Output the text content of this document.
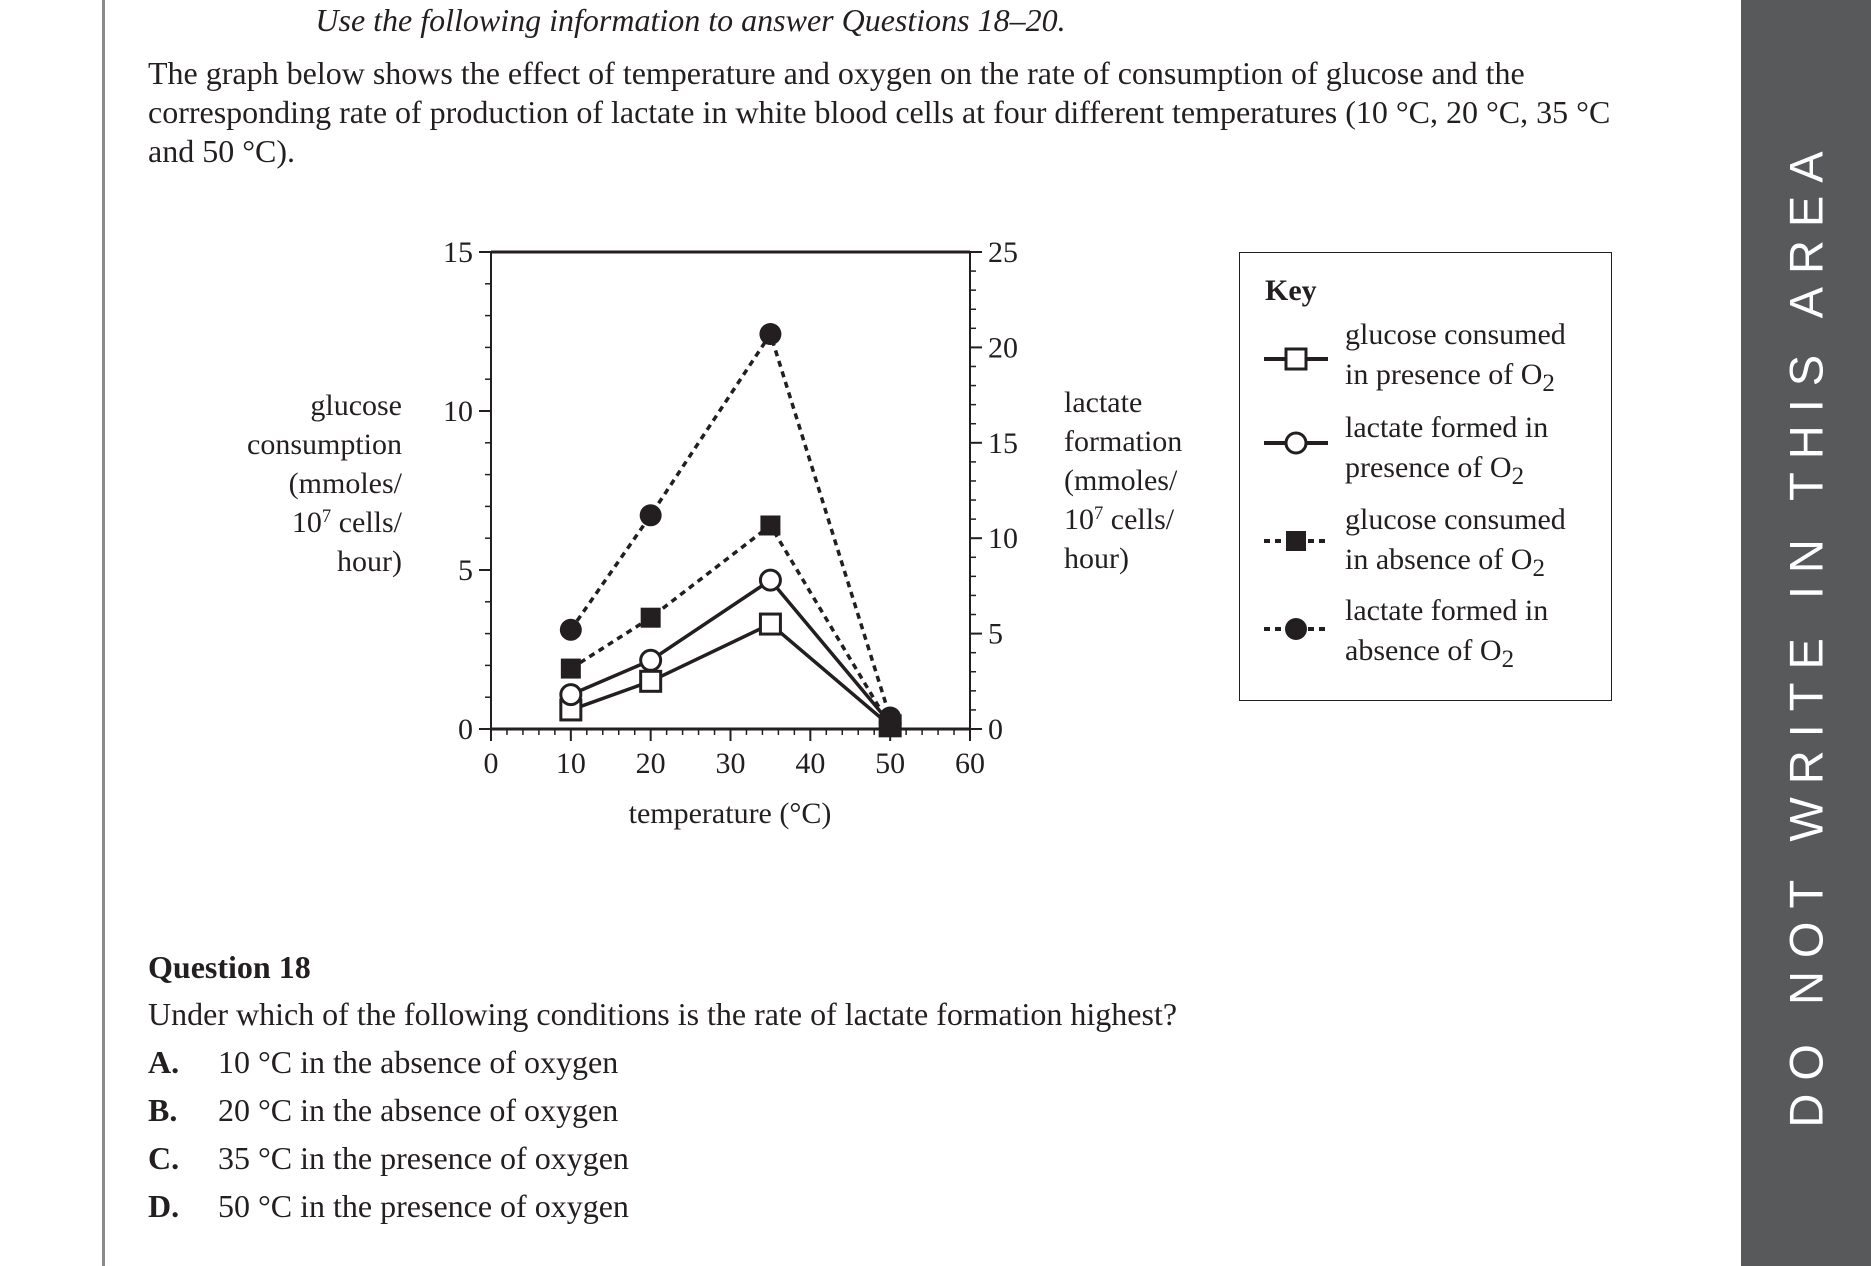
Use the following information to answer Questions 18–20.

The graph below shows the effect of temperature and oxygen on the rate of consumption of glucose and the

corresponding rate of production of lactate in white blood cells at four different temperatures (10 °C, 20 °C, 35 °C

and 50 °C).

0
5
10
15
0
5
10
15
20
25
0 10 20 30 40 50 60
glucose
consumption
(mmoles/
$10^7$ cells/
hour)
lactate
formation
(mmoles/
$10^7$ cells/
hour)
temperature (°C)
Key
glucose consumed
in presence of $O_2$
lactate formed in
presence of $O_2$
glucose consumed
in absence of $O_2$
lactate formed in
absence of $O_2$
Question 18
Under which of the following conditions is the rate of lactate formation highest?
A. 10 °C in the absence of oxygen
B. 20 °C in the absence of oxygen
C. 35 °C in the presence of oxygen
D. 50 °C in the presence of oxygen
DO NOT WRITE IN THIS AREA
